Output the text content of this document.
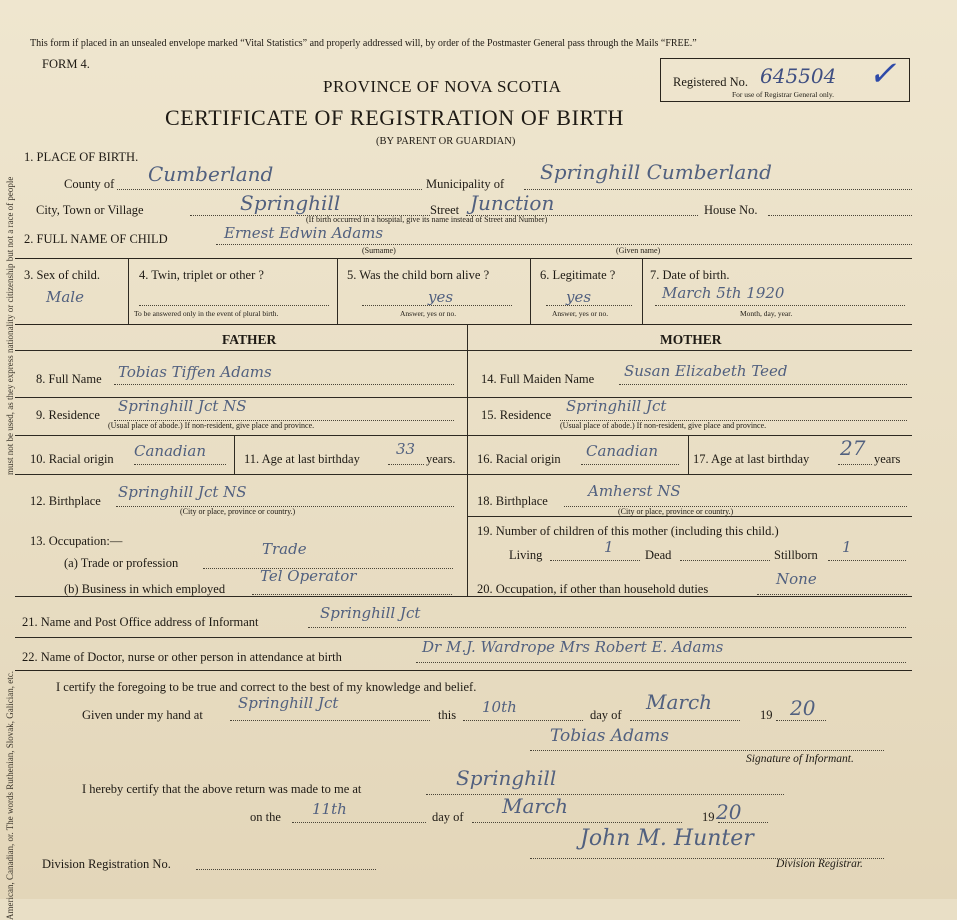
must not be used, as they express nationality or citizenship but not a race of people
American, Canadian, or. The words Ruthenian, Slovak, Galician, etc.
This form if placed in an unsealed envelope marked “Vital Statistics” and properly addressed will, by order of the Postmaster General pass through the Mails “FREE.”
FORM 4.
PROVINCE OF NOVA SCOTIA
CERTIFICATE OF REGISTRATION OF BIRTH
(BY PARENT OR GUARDIAN)
Registered No. 645504 ✓
For use of Registrar General only.
1. PLACE OF BIRTH.
County of Cumberland	Municipality of Springhill Cumberland
City, Town or Village	Springhill	Street Junction	House No.
(If birth occurred in a hospital, give its name instead of Street and Number)
2. FULL NAME OF CHILD	Ernest Edwin Adams
(Surname)	(Given name)
3. Sex of child.
Male
4. Twin, triplet or other ?
To be answered only in the event of plural birth.
5. Was the child born alive ?
yes
Answer, yes or no.
6. Legitimate ?
yes
Answer, yes or no.
7. Date of birth.
March 5th 1920
Month, day, year.
FATHER	MOTHER
8. Full Name Tobias Tiffen Adams
9. Residence Springhill Jct NS
(Usual place of abode.) If non-resident, give place and province.
10. Racial origin Canadian	11. Age at last birthday
33
years.
12. Birthplace Springhill Jct NS
(City or place, province or country.)
13. Occupation:—
(a) Trade or profession
Trade
(b) Business in which employed
Tel Operator
14. Full Maiden Name Susan Elizabeth Teed
15. Residence Springhill Jct
(Usual place of abode.) If non-resident, give place and province.
16. Racial origin Canadian	17. Age at last birthday 27 years
18. Birthplace
Amherst NS
(City or place, province or country.)
19. Number of children of this mother (including this child.)
Living	1	Dead	Stillborn 1
20. Occupation, if other than household duties
None
21. Name and Post Office address of Informant	Springhill Jct
22. Name of Doctor, nurse or other person in attendance at birth
Dr M.J. Wardrope Mrs Robert E. Adams
I certify the foregoing to be true and correct to the best of my knowledge and belief.
Given under my hand at
Springhill Jct
this 10th	day of
March
19 20
Tobias Adams
Signature of Informant.
I hereby certify that the above return was made to me at	Springhill
on the 11th	day of March	19 20
John M. Hunter
Division Registration No.	Division Registrar.
